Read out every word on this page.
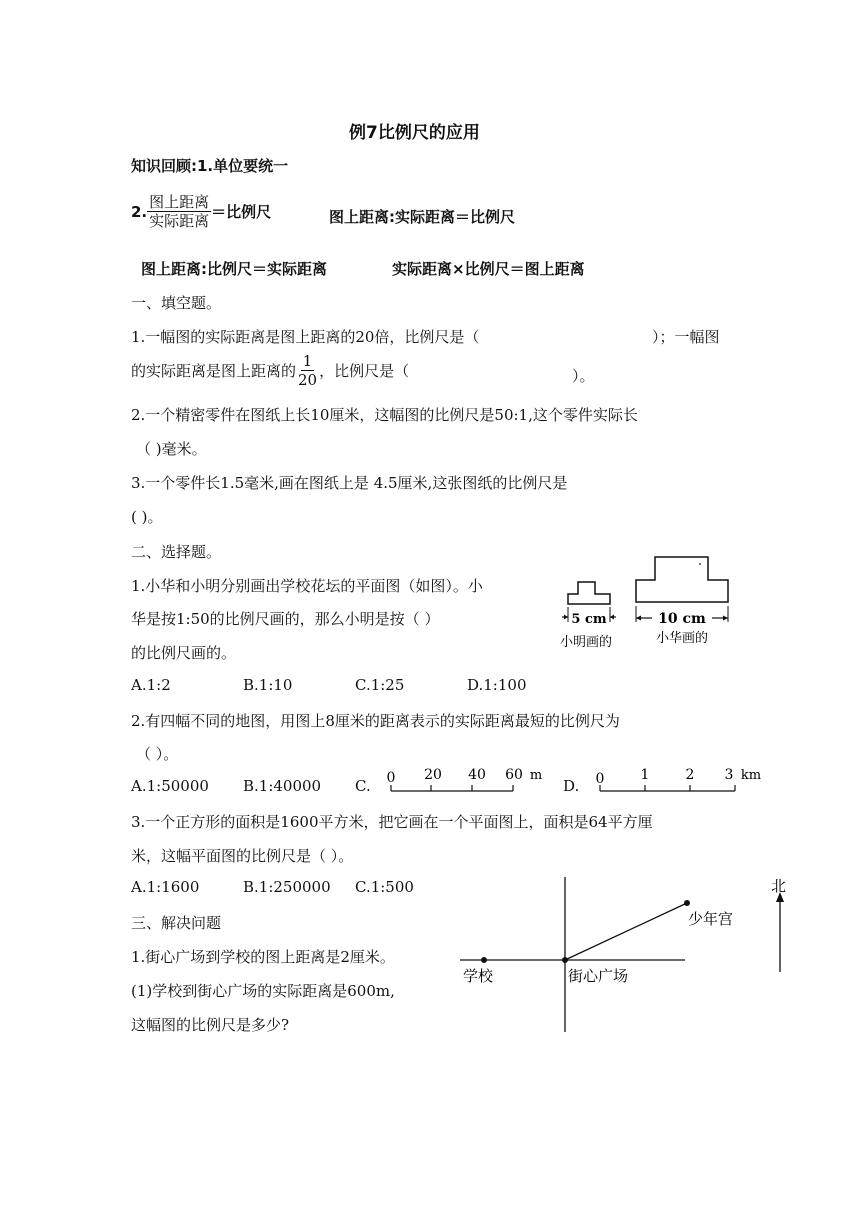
例7比例尺的应用
知识回顾:1.单位要统一
2. $\frac{\text{图上距离}}{\text{实际距离}}$ ＝比例尺	图上距离:实际距离＝比例尺
图上距离:比例尺＝实际距离	实际距离×比例尺＝图上距离
一、填空题。
1.一幅图的实际距离是图上距离的20倍，比例尺是（	）；一幅图
的实际距离是图上距离的 $\frac{1}{20}$ ，比例尺是（	）。
2.一个精密零件在图纸上长10厘米，这幅图的比例尺是50:1,这个零件实际长
（ )毫米。
3.一个零件长1.5毫米,画在图纸上是 4.5厘米,这张图纸的比例尺是
( )。
二、选择题。
1.小华和小明分别画出学校花坛的平面图（如图）。小
华是按1:50的比例尺画的，那么小明是按（ ）
的比例尺画的。
5 cm
小明画的
10 cm
小华画的
A.1:2	B.1:10	C.1:25	D.1:100
2.有四幅不同的地图，用图上8厘米的距离表示的实际距离最短的比例尺为
（ ）。
A.1:50000 B.1:40000 C. 0 20 40 60 m
D. 0	1	2 3 km
3.一个正方形的面积是1600平方米，把它画在一个平面图上，面积是64平方厘
米，这幅平面图的比例尺是（ ）。
A.1:1600	B.1:250000 C.1:500
三、解决问题
1.街心广场到学校的图上距离是2厘米。
(1)学校到街心广场的实际距离是600m,
这幅图的比例尺是多少?
少年宫
学校	街心广场
北
